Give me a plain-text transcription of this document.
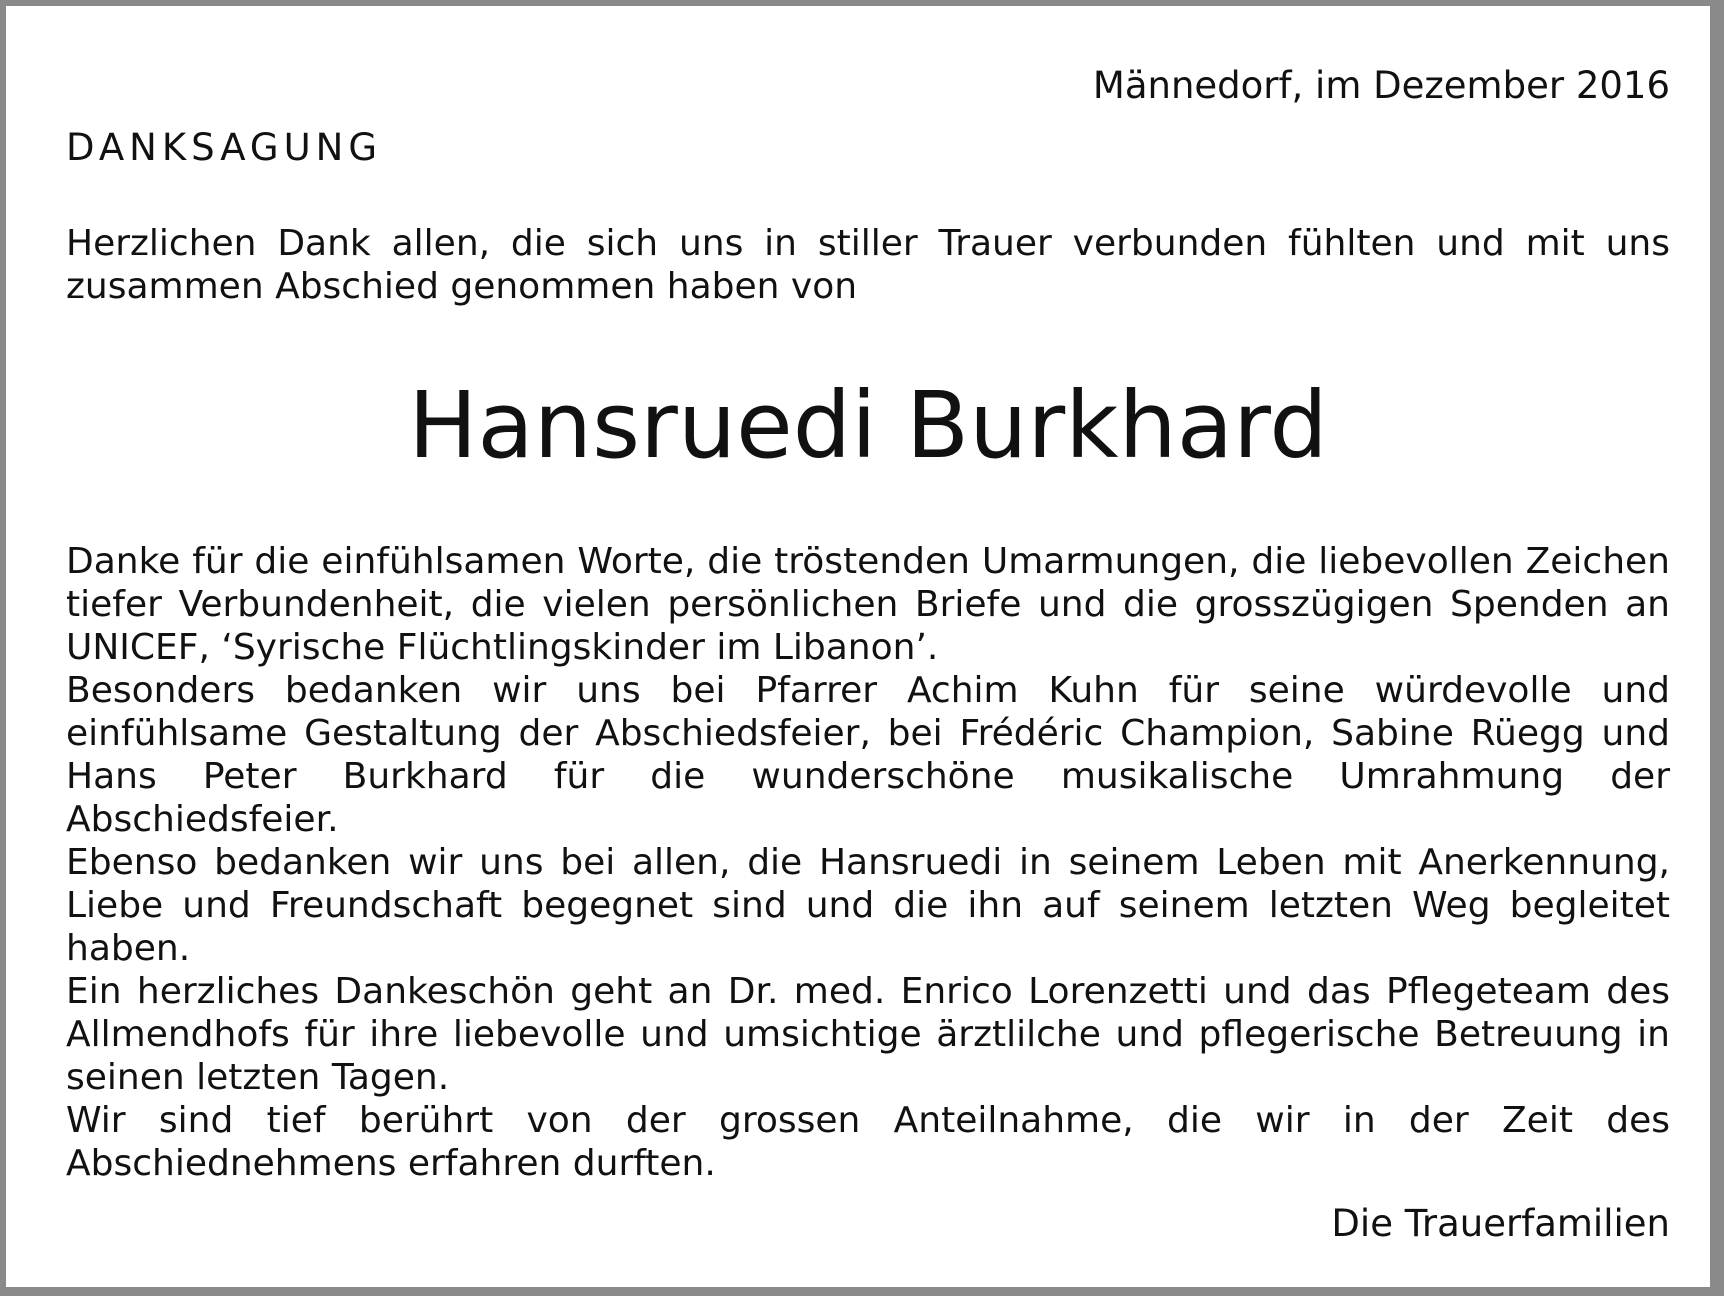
Männedorf, im Dezember 2016
DANKSAGUNG

Herzlichen Dank allen, die sich uns in stiller Trauer verbunden fühlten und mit uns zusammen Abschied genommen haben von

Hansruedi Burkhard

Danke für die einfühlsamen Worte, die tröstenden Umarmungen, die liebevollen Zeichen tiefer Verbundenheit, die vielen persönlichen Briefe und die grosszügigen Spenden an UNICEF, ‘Syrische Flüchtlingskinder im Libanon’.

Besonders bedanken wir uns bei Pfarrer Achim Kuhn für seine würdevolle und einfühlsame Gestaltung der Abschiedsfeier, bei Frédéric Champion, Sabine Rüegg und Hans Peter Burkhard für die wunderschöne musikalische Umrahmung der Abschiedsfeier.

Ebenso bedanken wir uns bei allen, die Hansruedi in seinem Leben mit Anerkennung, Liebe und Freundschaft begegnet sind und die ihn auf seinem letzten Weg begleitet haben.

Ein herzliches Dankeschön geht an Dr. med. Enrico Lorenzetti und das Pflegeteam des Allmendhofs für ihre liebevolle und umsichtige ärztlilche und pflegerische Betreuung in seinen letzten Tagen.

Wir sind tief berührt von der grossen Anteilnahme, die wir in der Zeit des Abschiednehmens erfahren durften.

Die Trauerfamilien
